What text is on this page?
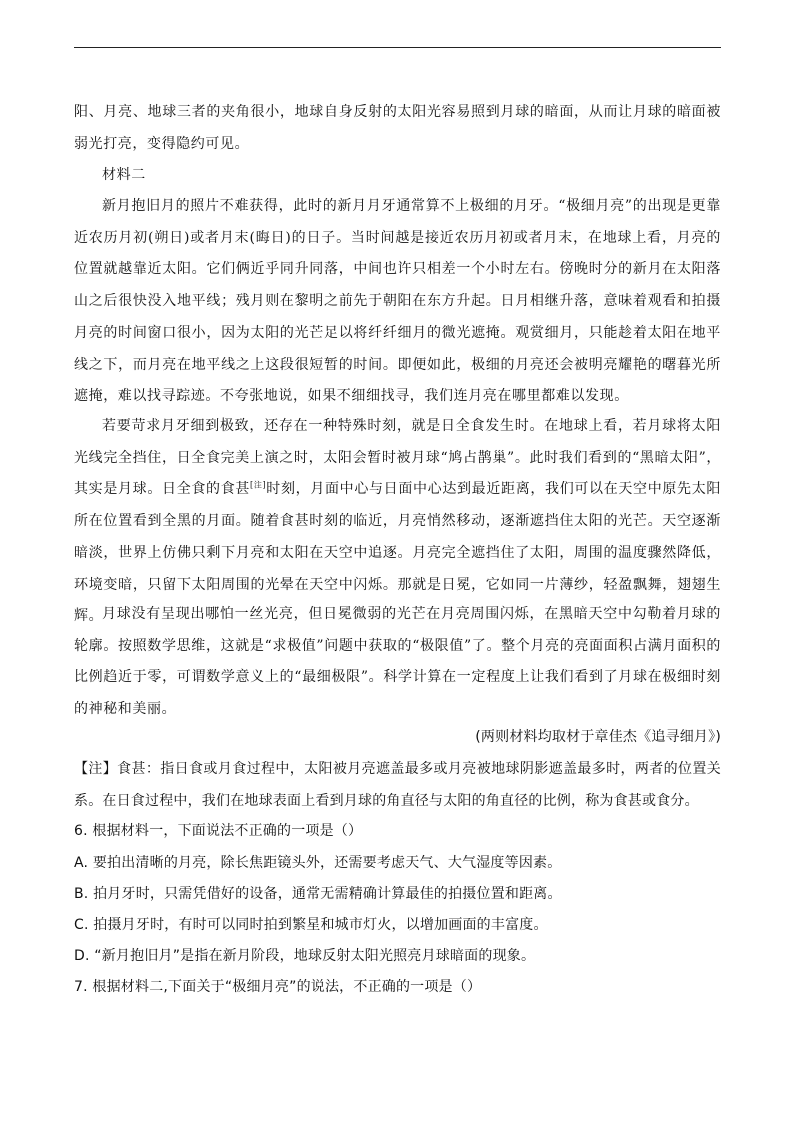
阳、月亮、地球三者的夹角很小，地球自身反射的太阳光容易照到月球的暗面，从而让月球的暗面被弱光打亮，变得隐约可见。

材料二

新月抱旧月的照片不难获得，此时的新月月牙通常算不上极细的月牙。“极细月亮”的出现是更靠近农历月初(朔日)或者月末(晦日)的日子。当时间越是接近农历月初或者月末，在地球上看，月亮的位置就越靠近太阳。它们俩近乎同升同落，中间也许只相差一个小时左右。傍晚时分的新月在太阳落山之后很快没入地平线；残月则在黎明之前先于朝阳在东方升起。日月相继升落，意味着观看和拍摄月亮的时间窗口很小，因为太阳的光芒足以将纤纤细月的微光遮掩。观赏细月，只能趁着太阳在地平线之下，而月亮在地平线之上这段很短暂的时间。即便如此，极细的月亮还会被明亮耀艳的曙暮光所遮掩，难以找寻踪迹。不夸张地说，如果不细细找寻，我们连月亮在哪里都难以发现。

若要苛求月牙细到极致，还存在一种特殊时刻，就是日全食发生时。在地球上看，若月球将太阳光线完全挡住，日全食完美上演之时，太阳会暂时被月球“鸠占鹊巢”。此时我们看到的“黑暗太阳”，其实是月球。日全食的食甚[注]时刻，月面中心与日面中心达到最近距离，我们可以在天空中原先太阳所在位置看到全黑的月面。随着食甚时刻的临近，月亮悄然移动，逐渐遮挡住太阳的光芒。天空逐渐暗淡，世界上仿佛只剩下月亮和太阳在天空中追逐。月亮完全遮挡住了太阳，周围的温度骤然降低，环境变暗，只留下太阳周围的光晕在天空中闪烁。那就是日冕，它如同一片薄纱，轻盈飘舞，翅翅生辉。

月球没有呈现出哪怕一丝光亮，但日冕微弱的光芒在月亮周围闪烁，在黑暗天空中勾勒着月球的轮廓。按照数学思维，这就是“求极值”问题中获取的“极限值”了。整个月亮的亮面面积占满月面积的比例趋近于零，可谓数学意义上的“最细极限”。科学计算在一定程度上让我们看到了月球在极细时刻的神秘和美丽。

(两则材料均取材于章佳杰《追寻细月》)

【注】食甚：指日食或月食过程中，太阳被月亮遮盖最多或月亮被地球阴影遮盖最多时，两者的位置关系。在日食过程中，我们在地球表面上看到月球的角直径与太阳的角直径的比例，称为食甚或食分。

6. 根据材料一，下面说法不正确的一项是（）

A. 要拍出清晰的月亮，除长焦距镜头外，还需要考虑天气、大气湿度等因素。

B. 拍月牙时，只需凭借好的设备，通常无需精确计算最佳的拍摄位置和距离。

C. 拍摄月牙时，有时可以同时拍到繁星和城市灯火，以增加画面的丰富度。

D. “新月抱旧月”是指在新月阶段，地球反射太阳光照亮月球暗面的现象。

7. 根据材料二,下面关于“极细月亮”的说法，不正确的一项是（）
